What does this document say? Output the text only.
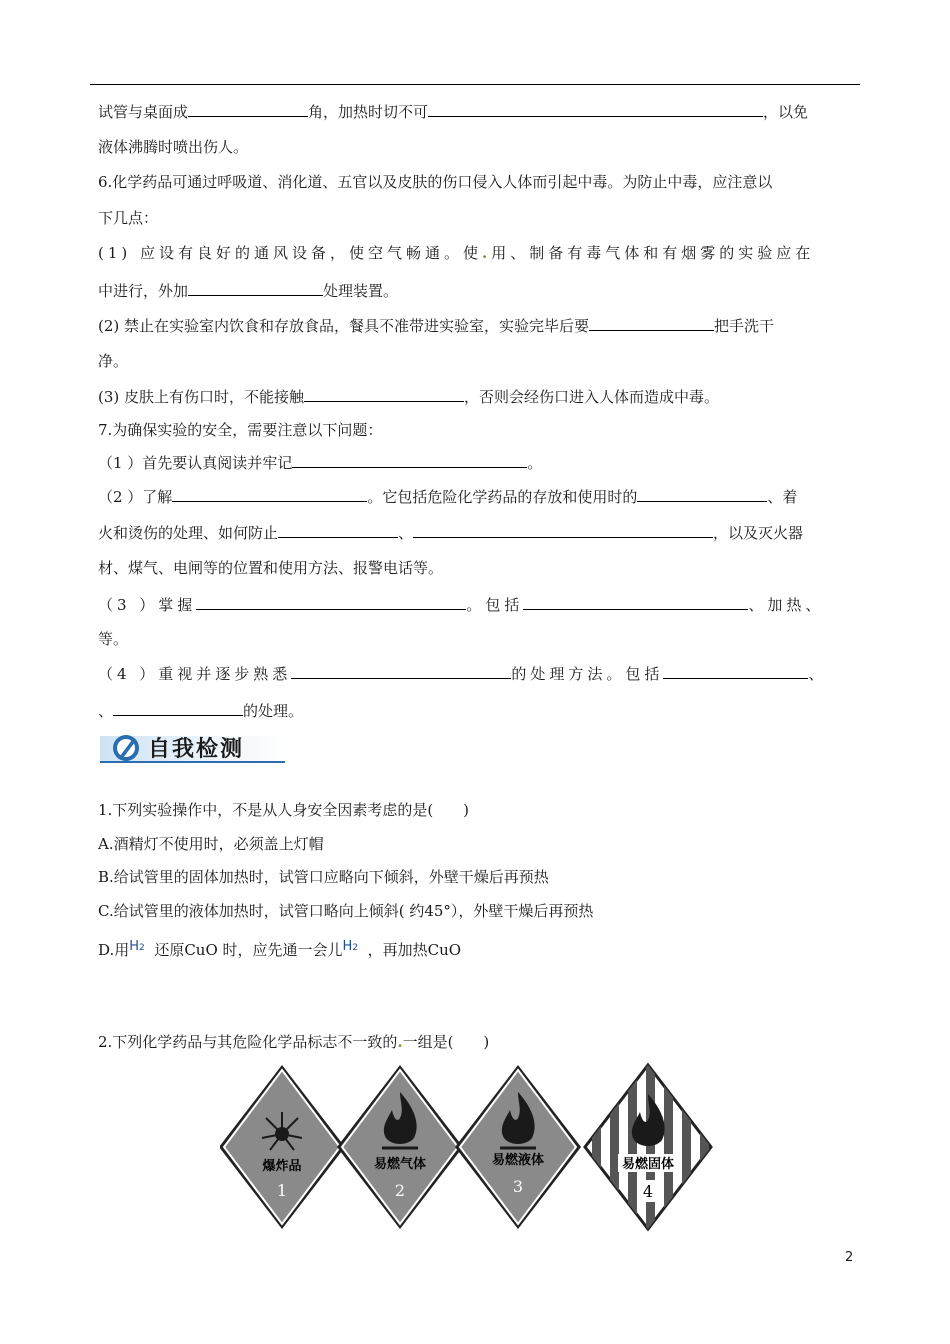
试管与桌面成	角，加热时切不可	，以免
液体沸腾时喷出伤人。
6.化学药品可通过呼吸道、消化道、五官以及皮肤的伤口侵入人体而引起中毒。为防止中毒，应注意以
下几点：
(1) 应设有良好的通风设备，使空气畅通。使.用、制备有毒气体和有烟雾的实验应在
中进行，外加	处理装置。
(2) 禁止在实验室内饮食和存放食品，餐具不准带进实验室，实验完毕后要	把手洗干
净。
(3) 皮肤上有伤口时，不能接触	，否则会经伤口进入人体而造成中毒。
7.为确保实验的安全，需要注意以下问题：
（1 ）首先要认真阅读并牢记	。
（2 ）了解	。它包括危险化学药品的存放和使用时的	、着
火和烫伤的处理、如何防止	、	，以及灭火器
材、煤气、电闸等的位置和使用方法、报警电话等。
（3 ）掌握	。包括	、加热、
等。
（4 ）重视并逐步熟悉	的处理方法。包括	、
、	的处理。
自我检测
1.下列实验操作中，不是从人身安全因素考虑的是(　　)
A.酒精灯不使用时，必须盖上灯帽
B.给试管里的固体加热时，试管口应略向下倾斜，外壁干燥后再预热
C.给试管里的液体加热时，试管口略向上倾斜( 约45°），外壁干燥后再预热
D.用H2 还原CuO 时，应先通一会儿H2 ，再加热CuO
2.下列化学药品与其危险化学品标志不一致的.一组是(　　)
爆炸品
1
易燃气体
2
易燃液体
3
易燃固体
4
2
